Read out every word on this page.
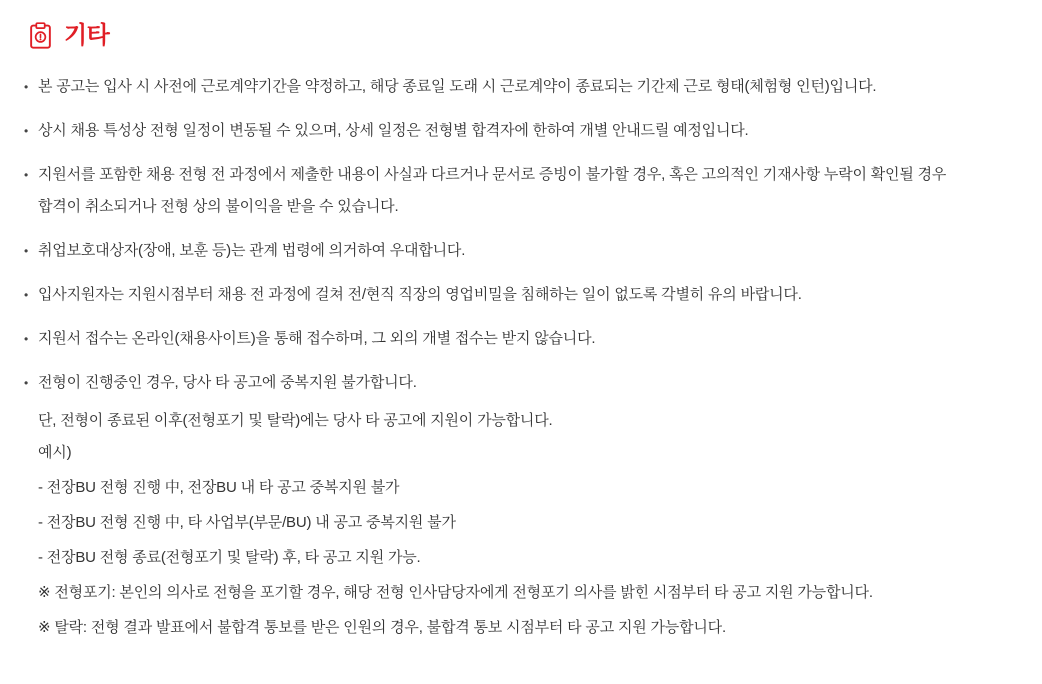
기타
• 본 공고는 입사 시 사전에 근로계약기간을 약정하고, 해당 종료일 도래 시 근로계약이 종료되는 기간제 근로 형태(체험형 인턴)입니다.
• 상시 채용 특성상 전형 일정이 변동될 수 있으며, 상세 일정은 전형별 합격자에 한하여 개별 안내드릴 예정입니다.
• 지원서를 포함한 채용 전형 전 과정에서 제출한 내용이 사실과 다르거나 문서로 증빙이 불가할 경우, 혹은 고의적인 기재사항 누락이 확인될 경우
합격이 취소되거나 전형 상의 불이익을 받을 수 있습니다.
• 취업보호대상자(장애, 보훈 등)는 관계 법령에 의거하여 우대합니다.
• 입사지원자는 지원시점부터 채용 전 과정에 걸쳐 전/현직 직장의 영업비밀을 침해하는 일이 없도록 각별히 유의 바랍니다.
• 지원서 접수는 온라인(채용사이트)을 통해 접수하며, 그 외의 개별 접수는 받지 않습니다.
• 전형이 진행중인 경우, 당사 타 공고에 중복지원 불가합니다.
단, 전형이 종료된 이후(전형포기 및 탈락)에는 당사 타 공고에 지원이 가능합니다.
예시)
- 전장BU 전형 진행 中, 전장BU 내 타 공고 중복지원 불가
- 전장BU 전형 진행 中, 타 사업부(부문/BU) 내 공고 중복지원 불가
- 전장BU 전형 종료(전형포기 및 탈락) 후, 타 공고 지원 가능.
※ 전형포기: 본인의 의사로 전형을 포기할 경우, 해당 전형 인사담당자에게 전형포기 의사를 밝힌 시점부터 타 공고 지원 가능합니다.
※ 탈락: 전형 결과 발표에서 불합격 통보를 받은 인원의 경우, 불합격 통보 시점부터 타 공고 지원 가능합니다.
